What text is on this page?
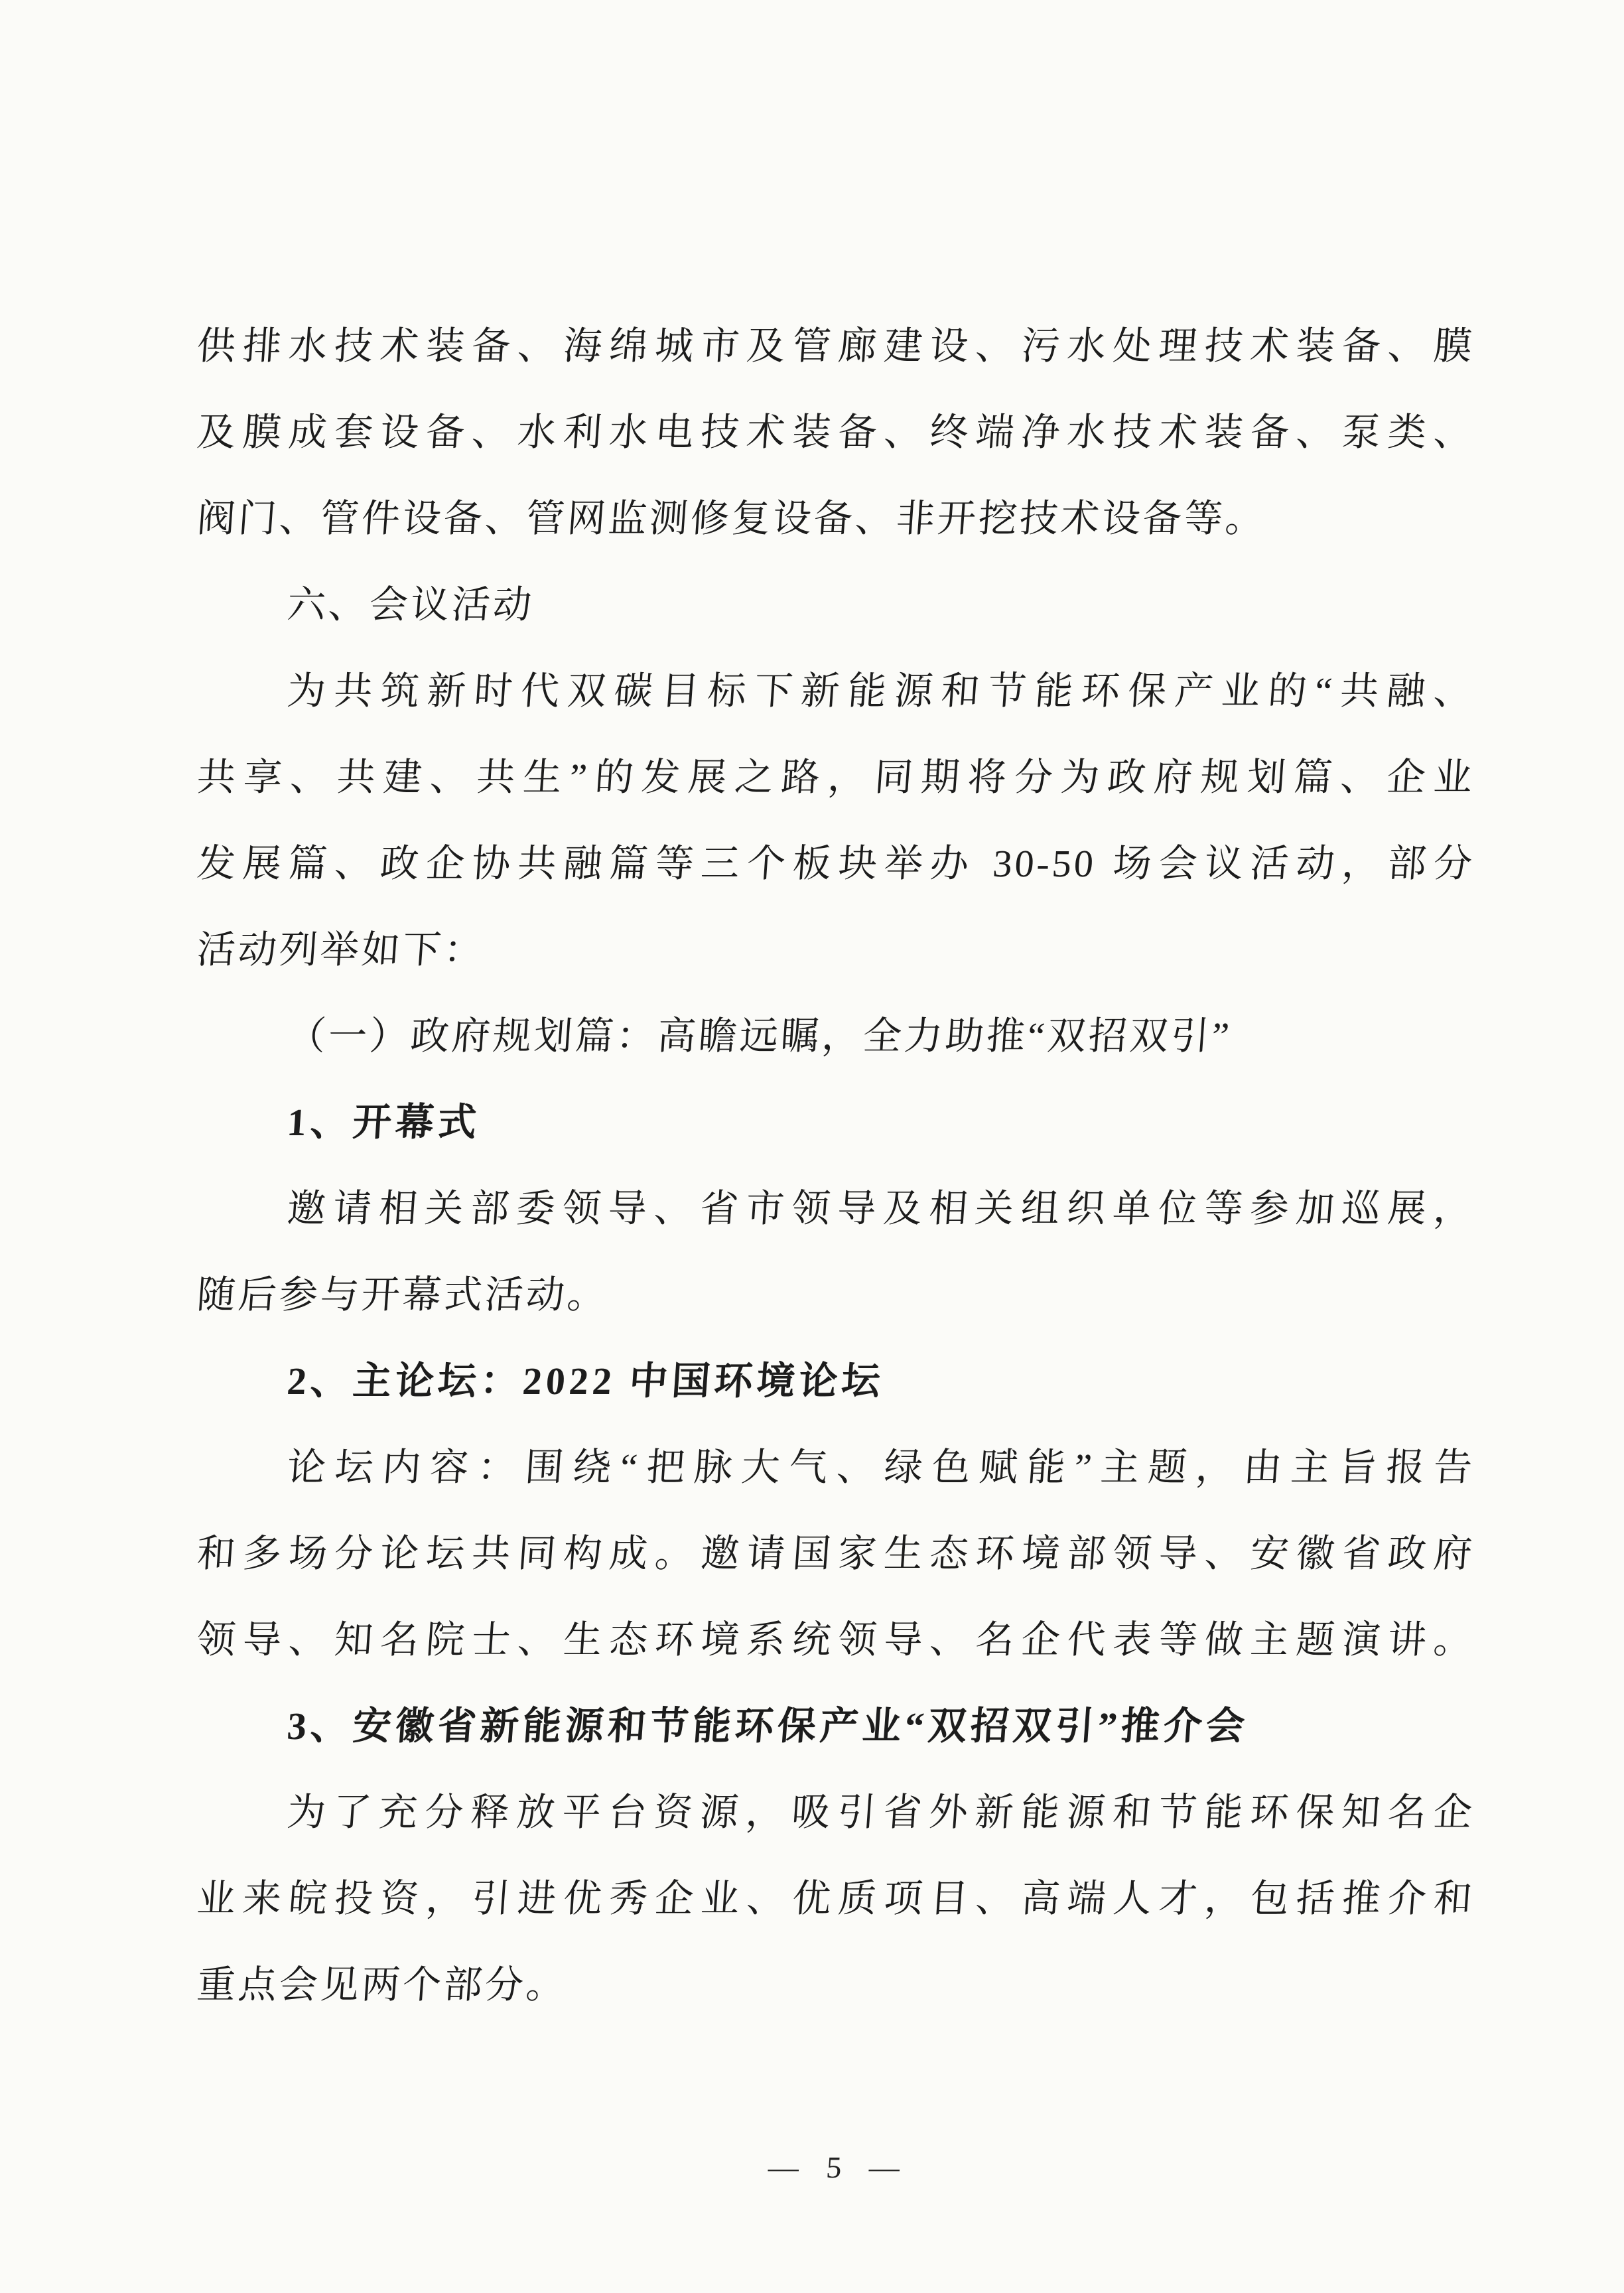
供排水技术装备、海绵城市及管廊建设、污水处理技术装备、膜
及膜成套设备、水利水电技术装备、终端净水技术装备、泵类、
阀门、管件设备、管网监测修复设备、非开挖技术设备等。
六、会议活动
为共筑新时代双碳目标下新能源和节能环保产业的“共融、
共享、共建、共生”的发展之路，同期将分为政府规划篇、企业
发展篇、政企协共融篇等三个板块举办 30-50 场会议活动，部分
活动列举如下：
（一）政府规划篇：高瞻远瞩，全力助推“双招双引”
1、开幕式
邀请相关部委领导、省市领导及相关组织单位等参加巡展，
随后参与开幕式活动。
2、主论坛：2022 中国环境论坛
论坛内容：围绕“把脉大气、绿色赋能”主题，由主旨报告
和多场分论坛共同构成。邀请国家生态环境部领导、安徽省政府
领导、知名院士、生态环境系统领导、名企代表等做主题演讲。
3、安徽省新能源和节能环保产业“双招双引”推介会
为了充分释放平台资源，吸引省外新能源和节能环保知名企
业来皖投资，引进优秀企业、优质项目、高端人才，包括推介和
重点会见两个部分。
— 5 —
